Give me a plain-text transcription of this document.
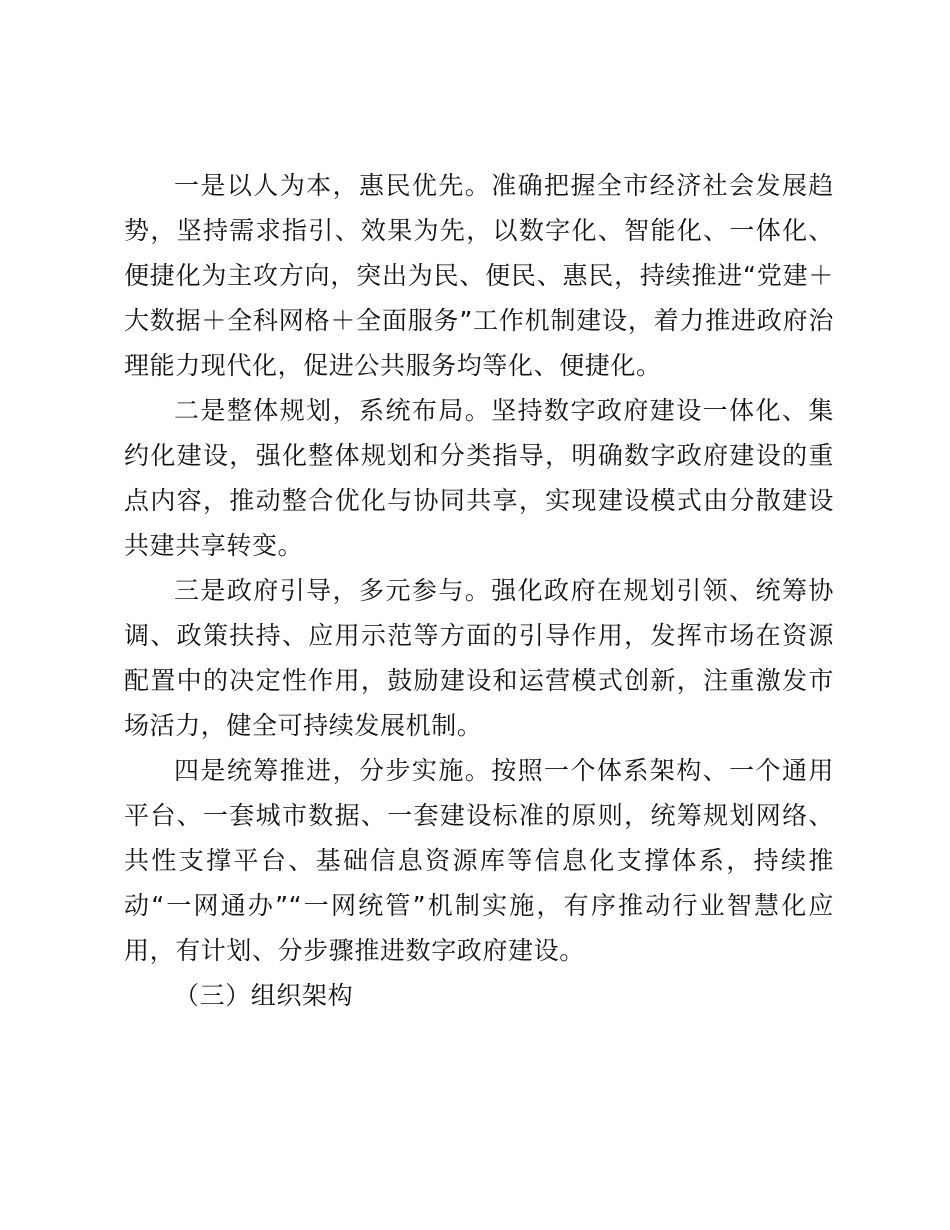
一是以人为本，惠民优先。准确把握全市经济社会发展趋势，坚持需求指引、效果为先，以数字化、智能化、一体化、便捷化为主攻方向，突出为民、便民、惠民，持续推进“党建＋大数据＋全科网格＋全面服务”工作机制建设，着力推进政府治理能力现代化，促进公共服务均等化、便捷化。

二是整体规划，系统布局。坚持数字政府建设一体化、集约化建设，强化整体规划和分类指导，明确数字政府建设的重点内容，推动整合优化与协同共享，实现建设模式由分散建设共建共享转变。

三是政府引导，多元参与。强化政府在规划引领、统筹协调、政策扶持、应用示范等方面的引导作用，发挥市场在资源配置中的决定性作用，鼓励建设和运营模式创新，注重激发市场活力，健全可持续发展机制。

四是统筹推进，分步实施。按照一个体系架构、一个通用平台、一套城市数据、一套建设标准的原则，统筹规划网络、共性支撑平台、基础信息资源库等信息化支撑体系，持续推动“一网通办”“一网统管”机制实施，有序推动行业智慧化应用，有计划、分步骤推进数字政府建设。

（三）组织架构
